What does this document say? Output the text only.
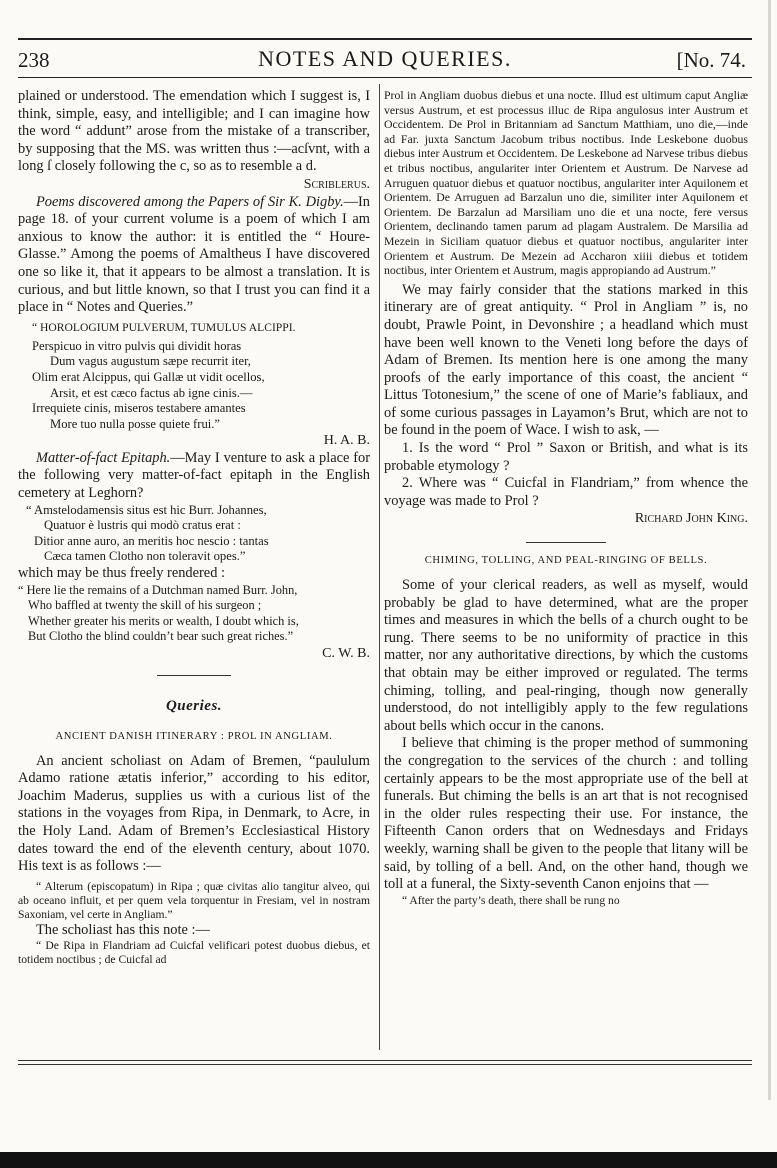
238	NOTES AND QUERIES.	[No. 74.

plained or understood. The emendation which I suggest is, I think, simple, easy, and intelligible; and I can imagine how the word “ addunt” arose from the mistake of a transcriber, by supposing that the MS. was written thus :—acſvnt, with a long ſ closely following the c, so as to resemble a d.

Scriblerus.

Poems discovered among the Papers of Sir K. Digby.—In page 18. of your current volume is a poem of which I am anxious to know the author: it is entitled the “ Houre-Glasse.” Among the poems of Amaltheus I have discovered one so like it, that it appears to be almost a translation. It is curious, and but little known, so that I trust you can find it a place in “ Notes and Queries.”

“ HOROLOGIUM PULVERUM, TUMULUS ALCIPPI.
Perspicuo in vitro pulvis qui dividit horas
Dum vagus augustum sæpe recurrit iter,
Olim erat Alcippus, qui Gallæ ut vidit ocellos,
Arsit, et est cæco factus ab igne cinis.—
Irrequiete cinis, miseros testabere amantes
More tuo nulla posse quiete frui.”
H. A. B.

Matter-of-fact Epitaph.—May I venture to ask a place for the following very matter-of-fact epitaph in the English cemetery at Leghorn?

“ Amstelodamensis situs est hic Burr. Johannes,
Quatuor è lustris qui modò cratus erat :
Ditior anne auro, an meritis hoc nescio : tantas
Cæca tamen Clotho non toleravit opes.”

which may be thus freely rendered :

“ Here lie the remains of a Dutchman named Burr. John,
Who baffled at twenty the skill of his surgeon ;
Whether greater his merits or wealth, I doubt which is,
But Clotho the blind couldn’t bear such great riches.”
C. W. B.
Queries.
ANCIENT DANISH ITINERARY : PROL IN ANGLIAM.

An ancient scholiast on Adam of Bremen, “paululum Adamo ratione ætatis inferior,” according to his editor, Joachim Maderus, supplies us with a curious list of the stations in the voyages from Ripa, in Denmark, to Acre, in the Holy Land. Adam of Bremen’s Ecclesiastical History dates toward the end of the eleventh century, about 1070. His text is as follows :—

“ Alterum (episcopatum) in Ripa ; quæ civitas alio tangitur alveo, qui ab oceano influit, et per quem vela torquentur in Fresiam, vel in nostram Saxoniam, vel certe in Angliam.”

The scholiast has this note :—

“ De Ripa in Flandriam ad Cuicfal velificari potest duobus diebus, et totidem noctibus ; de Cuicfal ad

Prol in Angliam duobus diebus et una nocte. Illud est ultimum caput Angliæ versus Austrum, et est processus illuc de Ripa angulosus inter Austrum et Occidentem. De Prol in Britanniam ad Sanctum Matthiam, uno die,—inde ad Far. juxta Sanctum Jacobum tribus noctibus. Inde Leskebone duobus diebus inter Austrum et Occidentem. De Leskebone ad Narvese tribus diebus et tribus noctibus, angulariter inter Orientem et Austrum. De Narvese ad Arruguen quatuor diebus et quatuor noctibus, angulariter inter Aquilonem et Orientem. De Arruguen ad Barzalun uno die, similiter inter Aquilonem et Orientem. De Barzalun ad Marsiliam uno die et una nocte, fere versus Orientem, declinando tamen parum ad plagam Australem. De Marsilia ad Mezein in Siciliam quatuor diebus et quatuor noctibus, angulariter inter Orientem et Austrum. De Mezein ad Accharon xiiii diebus et totidem noctibus, inter Orientem et Austrum, magis appropiando ad Austrum.”

We may fairly consider that the stations marked in this itinerary are of great antiquity. “ Prol in Angliam ” is, no doubt, Prawle Point, in Devonshire ; a headland which must have been well known to the Veneti long before the days of Adam of Bremen. Its mention here is one among the many proofs of the early importance of this coast, the ancient “ Littus Totonesium,” the scene of one of Marie’s fabliaux, and of some curious passages in Layamon’s Brut, which are not to be found in the poem of Wace. I wish to ask, —

1. Is the word “ Prol ” Saxon or British, and what is its probable etymology ?

2. Where was “ Cuicfal in Flandriam,” from whence the voyage was made to Prol ?

Richard John King.
CHIMING, TOLLING, AND PEAL-RINGING OF BELLS.

Some of your clerical readers, as well as myself, would probably be glad to have determined, what are the proper times and measures in which the bells of a church ought to be rung. There seems to be no uniformity of practice in this matter, nor any authoritative directions, by which the customs that obtain may be either improved or regulated. The terms chiming, tolling, and peal-ringing, though now generally understood, do not intelligibly apply to the few regulations about bells which occur in the canons.

I believe that chiming is the proper method of summoning the congregation to the services of the church : and tolling certainly appears to be the most appropriate use of the bell at funerals. But chiming the bells is an art that is not recognised in the older rules respecting their use. For instance, the Fifteenth Canon orders that on Wednesdays and Fridays weekly, warning shall be given to the people that litany will be said, by tolling of a bell. And, on the other hand, though we toll at a funeral, the Sixty-seventh Canon enjoins that —

“ After the party’s death, there shall be rung no
